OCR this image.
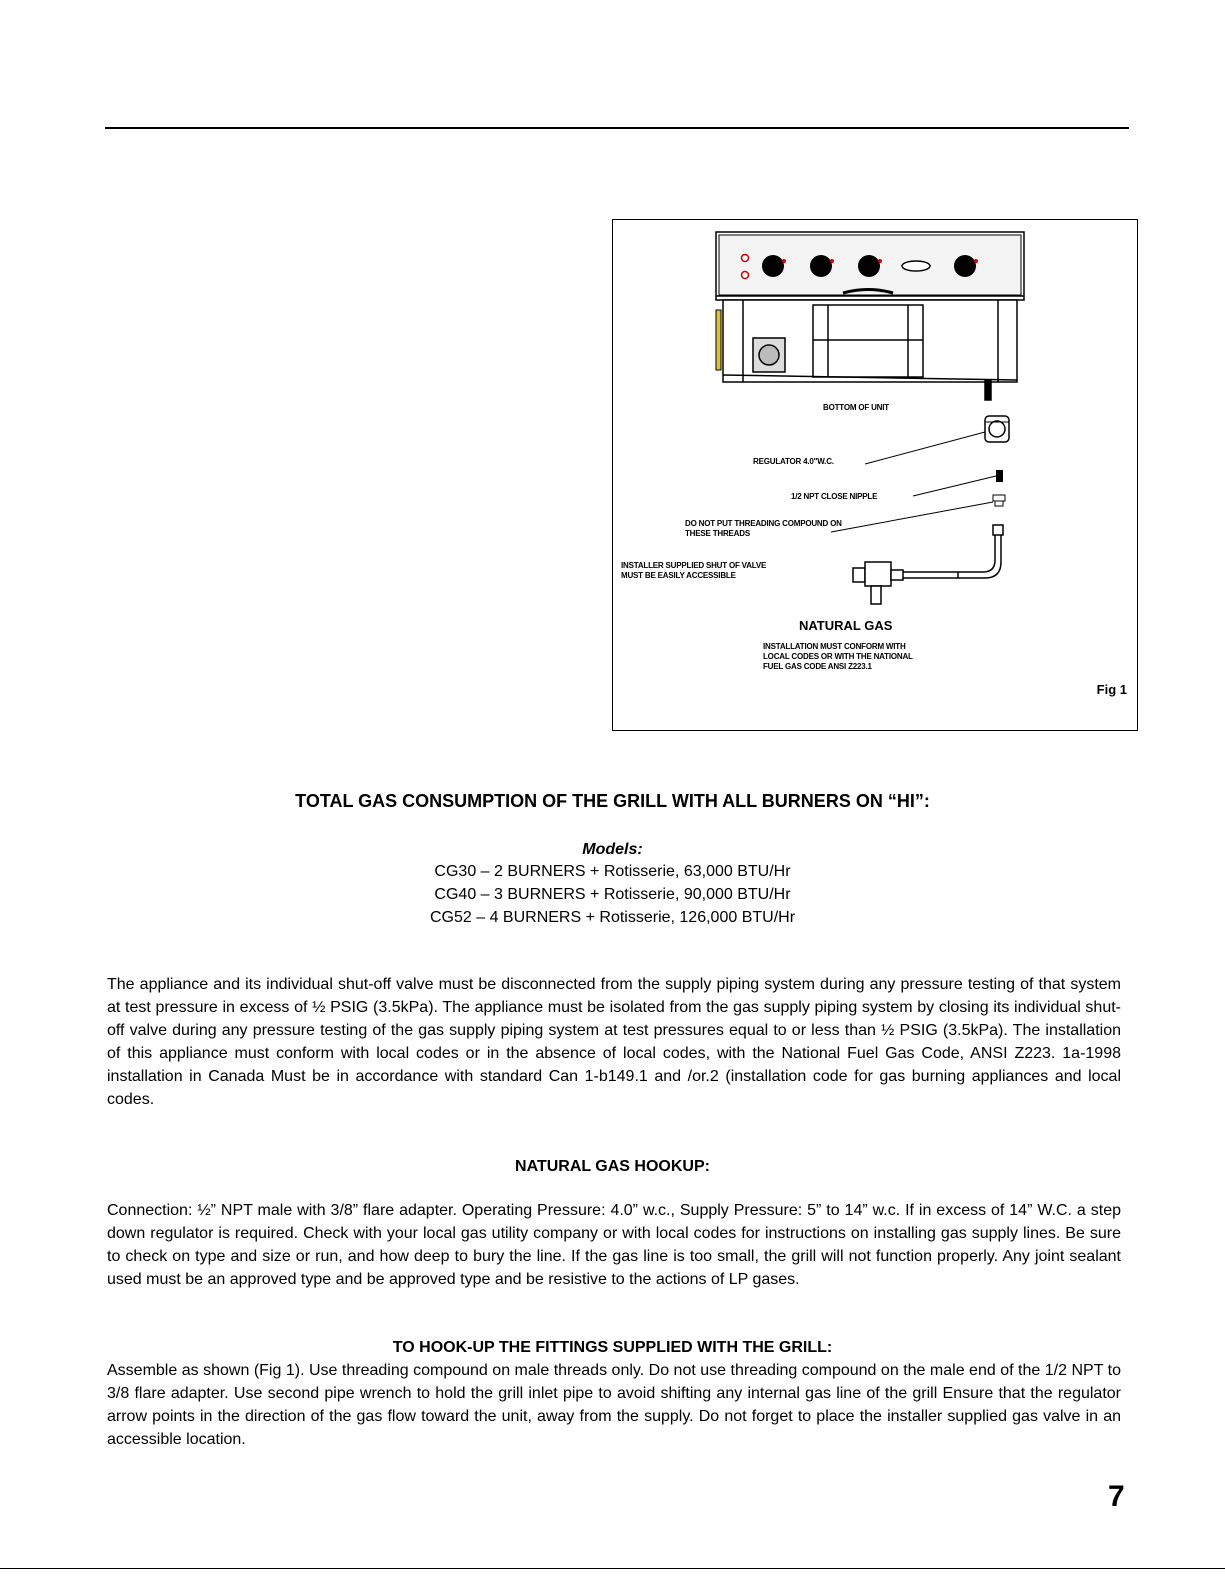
BOTTOM OF UNIT
REGULATOR 4.0"W.C.
1/2 NPT CLOSE NIPPLE
DO NOT PUT THREADING COMPOUND ON
THESE THREADS
INSTALLER SUPPLIED SHUT OF VALVE
MUST BE EASILY ACCESSIBLE
NATURAL GAS
INSTALLATION MUST CONFORM WITH
LOCAL CODES OR WITH THE NATIONAL
FUEL GAS CODE ANSI Z223.1
Fig 1
TOTAL GAS CONSUMPTION OF THE GRILL WITH ALL BURNERS ON “HI”:
Models:
CG30 – 2 BURNERS + Rotisserie, 63,000 BTU/Hr
CG40 – 3 BURNERS + Rotisserie, 90,000 BTU/Hr
CG52 – 4 BURNERS + Rotisserie, 126,000 BTU/Hr
The appliance and its individual shut-off valve must be disconnected from the supply piping system during any pressure testing of that system at test pressure in excess of ½ PSIG (3.5kPa). The appliance must be isolated from the gas supply piping system by closing its individual shut-off valve during any pressure testing of the gas supply piping system at test pressures equal to or less than ½ PSIG (3.5kPa). The installation of this appliance must conform with local codes or in the absence of local codes, with the National Fuel Gas Code, ANSI Z223. 1a-1998 installation in Canada Must be in accordance with standard Can 1-b149.1 and /or.2 (installation code for gas burning appliances and local codes.
NATURAL GAS HOOKUP:
Connection: ½” NPT male with 3/8” flare adapter. Operating Pressure: 4.0” w.c., Supply Pressure: 5” to 14” w.c. If in excess of 14” W.C. a step down regulator is required. Check with your local gas utility company or with local codes for instructions on installing gas supply lines. Be sure to check on type and size or run, and how deep to bury the line. If the gas line is too small, the grill will not function properly. Any joint sealant used must be an approved type and be approved type and be resistive to the actions of LP gases.
TO HOOK-UP THE FITTINGS SUPPLIED WITH THE GRILL:
Assemble as shown (Fig 1). Use threading compound on male threads only. Do not use threading compound on the male end of the 1/2 NPT to 3/8 flare adapter. Use second pipe wrench to hold the grill inlet pipe to avoid shifting any internal gas line of the grill Ensure that the regulator arrow points in the direction of the gas flow toward the unit, away from the supply. Do not forget to place the installer supplied gas valve in an accessible location.
7
